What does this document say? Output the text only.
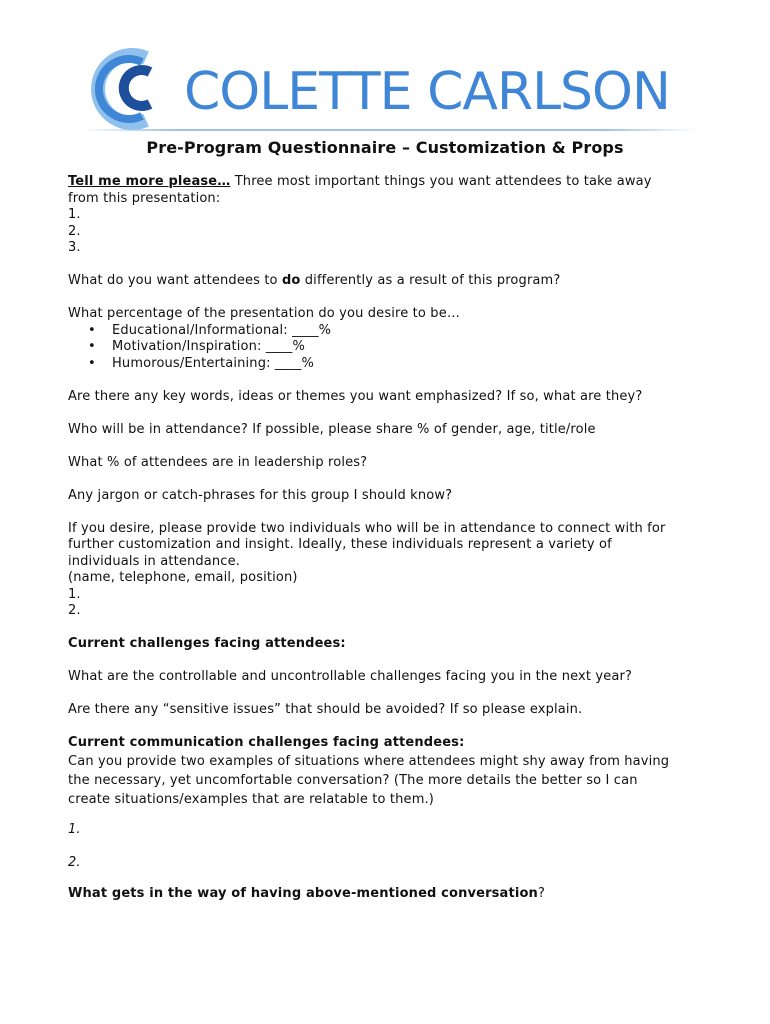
COLETTE CARLSON
Pre-Program Questionnaire – Customization & Props
Tell me more please… Three most important things you want attendees to take away
from this presentation:
1.
2.
3.
What do you want attendees to do differently as a result of this program?
What percentage of the presentation do you desire to be…
• Educational/Informational: ____%
• Motivation/Inspiration: ____%
• Humorous/Entertaining: ____%
Are there any key words, ideas or themes you want emphasized? If so, what are they?
Who will be in attendance? If possible, please share % of gender, age, title/role
What % of attendees are in leadership roles?
Any jargon or catch-phrases for this group I should know?
If you desire, please provide two individuals who will be in attendance to connect with for
further customization and insight. Ideally, these individuals represent a variety of
individuals in attendance.
(name, telephone, email, position)
1.
2.
Current challenges facing attendees:
What are the controllable and uncontrollable challenges facing you in the next year?
Are there any “sensitive issues” that should be avoided? If so please explain.
Current communication challenges facing attendees:
Can you provide two examples of situations where attendees might shy away from having
the necessary, yet uncomfortable conversation? (The more details the better so I can
create situations/examples that are relatable to them.)
1.
2.
What gets in the way of having above-mentioned conversation?
